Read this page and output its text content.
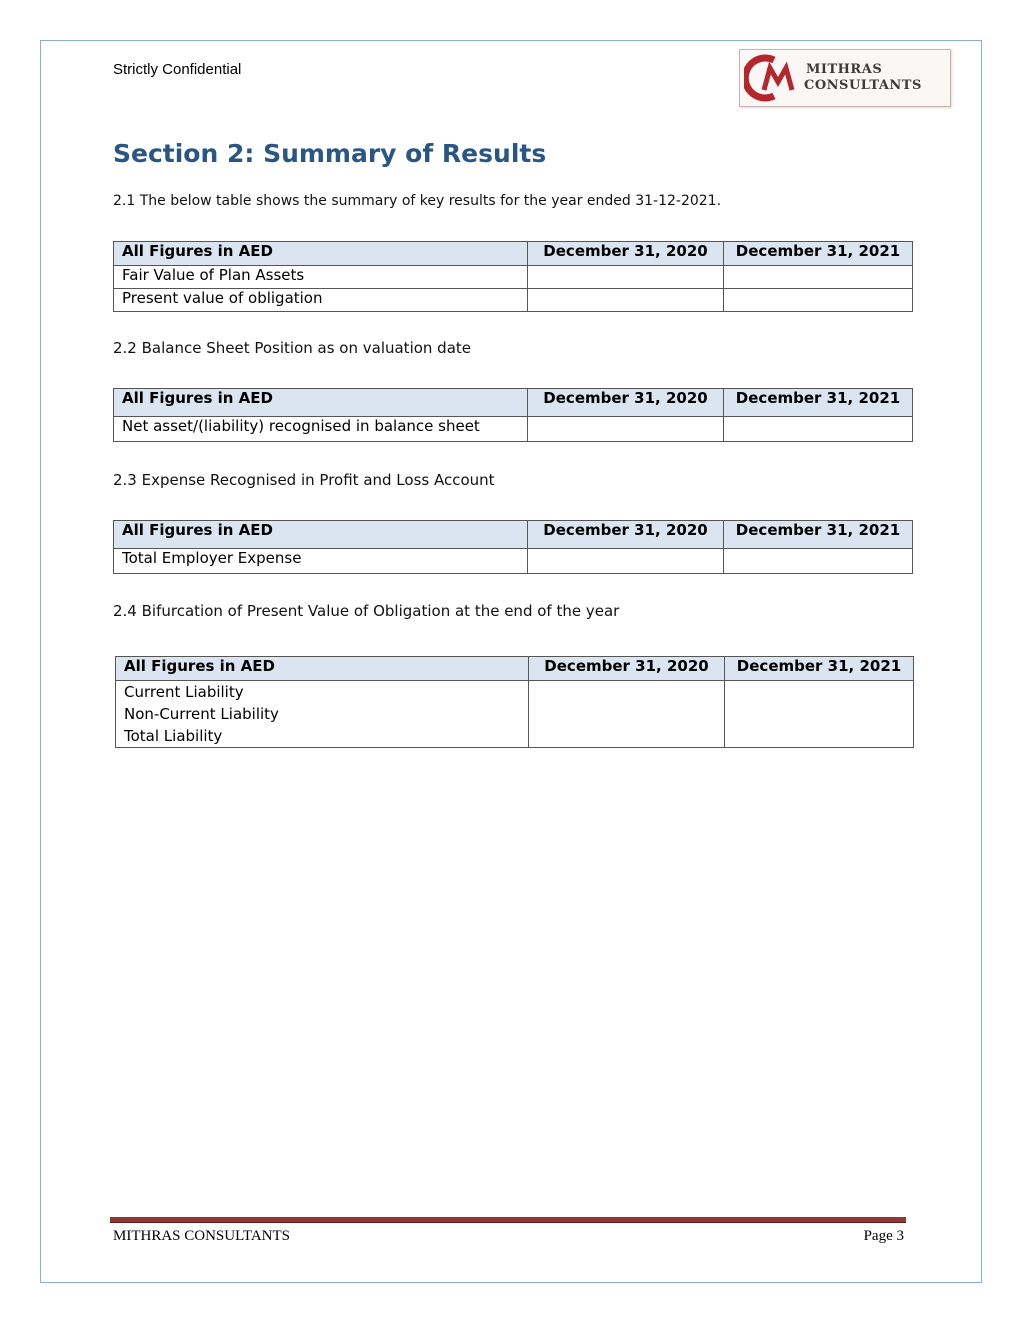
Strictly Confidential	MITHRAS
CONSULTANTS
Section 2: Summary of Results

2.1 The below table shows the summary of key results for the year ended 31-12-2021.

All Figures in AED	December 31, 2020	December 31, 2021
Fair Value of Plan Assets		
Present value of obligation		

2.2 Balance Sheet Position as on valuation date

All Figures in AED	December 31, 2020	December 31, 2021
Net asset/(liability) recognised in balance sheet		

2.3 Expense Recognised in Profit and Loss Account

All Figures in AED	December 31, 2020	December 31, 2021
Total Employer Expense		

2.4 Bifurcation of Present Value of Obligation at the end of the year

All Figures in AED	December 31, 2020	December 31, 2021

Current Liability
Non-Current Liability
Total Liability		

MITHRAS CONSULTANTS	Page 3
